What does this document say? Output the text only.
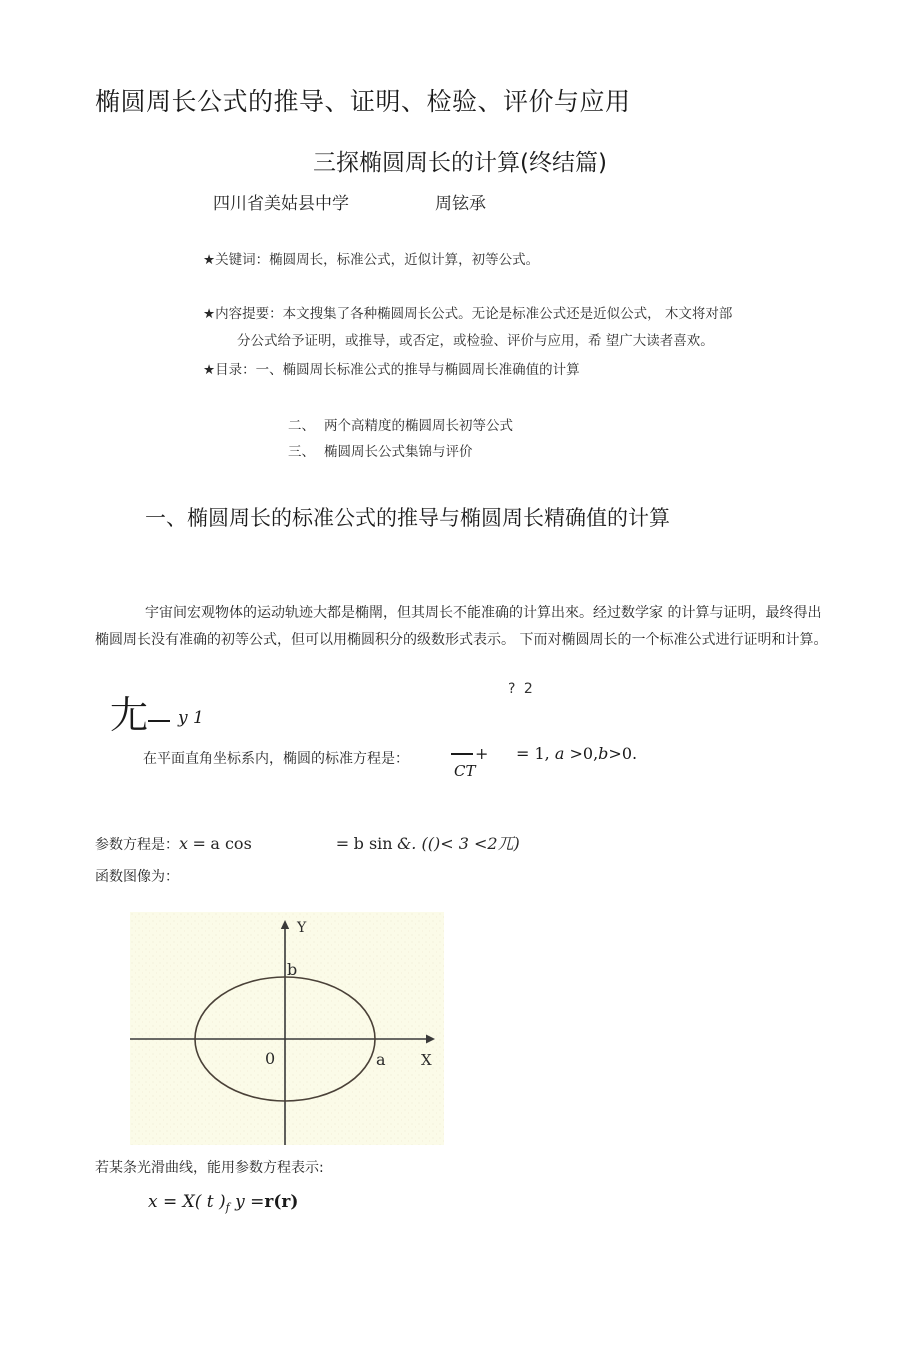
椭圆周长公式的推导、证明、检验、评价与应用
三探椭圆周长的计算(终结篇)
四川省美姑县中学	周铉承
★关键词：椭圆周长，标准公式，近似计算，初等公式。
★内容提要：本文搜集了各种椭圆周长公式。无论是标准公式还是近似公式， 木文将对部
分公式给予证明，或推导，或否定，或检验、评价与应用，希 望广大读者喜欢。
★目录：一、椭圆周长标准公式的推导与椭圆周长准确值的计算
二、 两个高精度的椭圆周长初等公式
三、 椭圆周长公式集锦与评价
一、椭圆周长的标准公式的推导与椭圆周长精确值的计算
宇宙间宏观物体的运动轨迹大都是椭閛，但其周长不能准确的计算出來。经过数学家 的计算与证明，最终得出椭圆周长没有准确的初等公式，但可以用椭圆积分的级数形式表示。 下而对椭圆周长的一个标准公式进行证明和计算。
? 2
尢	y 1
在平面直角坐标系内，椭圆的标准方程是：	+
CT
= 1, a >0,b>0.
参数方程是：x = a cos	= b sin &. (()< 3 <2兀)
函数图像为：
Y
b
0	a X
若某条光滑曲线，能用参数方程表示:
x = X( t )$_f$ y =r(r)
